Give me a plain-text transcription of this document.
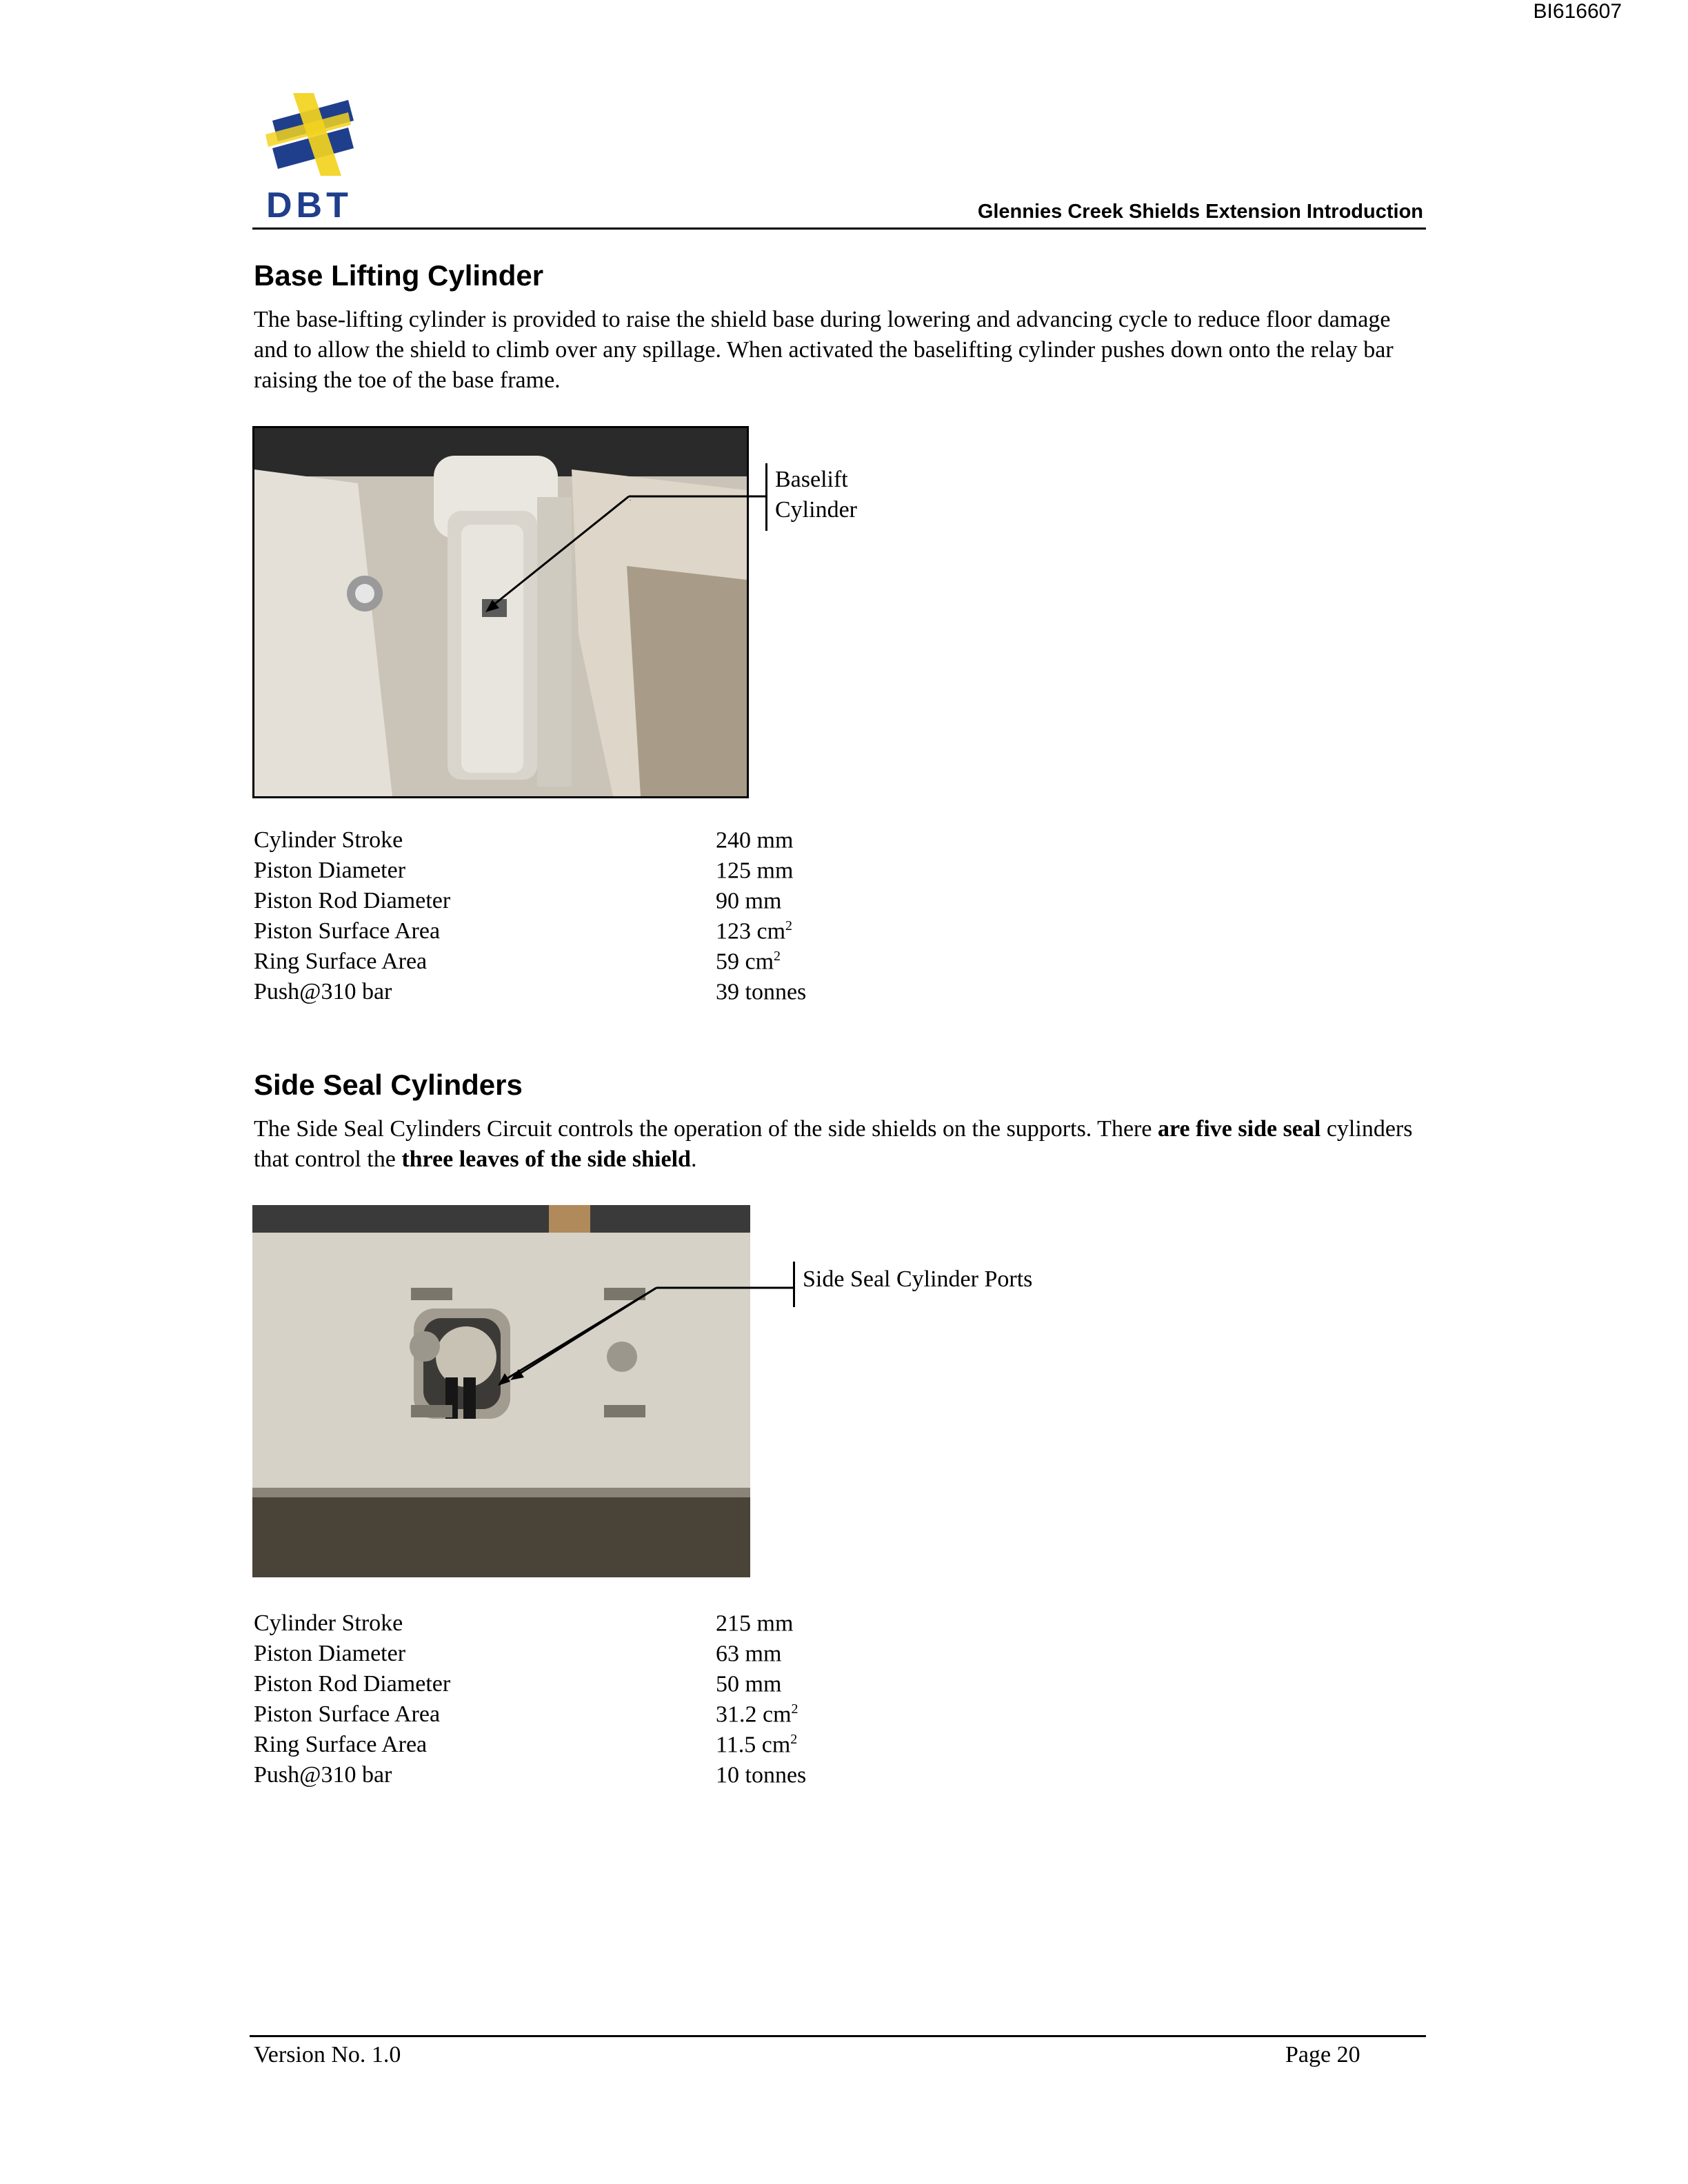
BI616607
DBT	Glennies Creek Shields Extension Introduction
Base Lifting Cylinder
The base-lifting cylinder is provided to raise the shield base during lowering and advancing cycle to reduce floor damage and to allow the shield to climb over any spillage. When activated the baselifting cylinder pushes down onto the relay bar raising the toe of the base frame.
Baselift
Cylinder
Cylinder Stroke	240 mm
Piston Diameter	125 mm
Piston Rod Diameter	90 mm
Piston Surface Area	123 $cm^2$
Ring Surface Area	59 $cm^2$
Push@310 bar	39 tonnes
Side Seal Cylinders
The Side Seal Cylinders Circuit controls the operation of the side shields on the supports. There are five side seal cylinders that control the three leaves of the side shield.
Side Seal Cylinder Ports
Cylinder Stroke	215 mm
Piston Diameter	63 mm
Piston Rod Diameter	50 mm
Piston Surface Area	31.2 $cm^2$
Ring Surface Area	11.5 $cm^2$
Push@310 bar	10 tonnes
Version No. 1.0	Page 20
